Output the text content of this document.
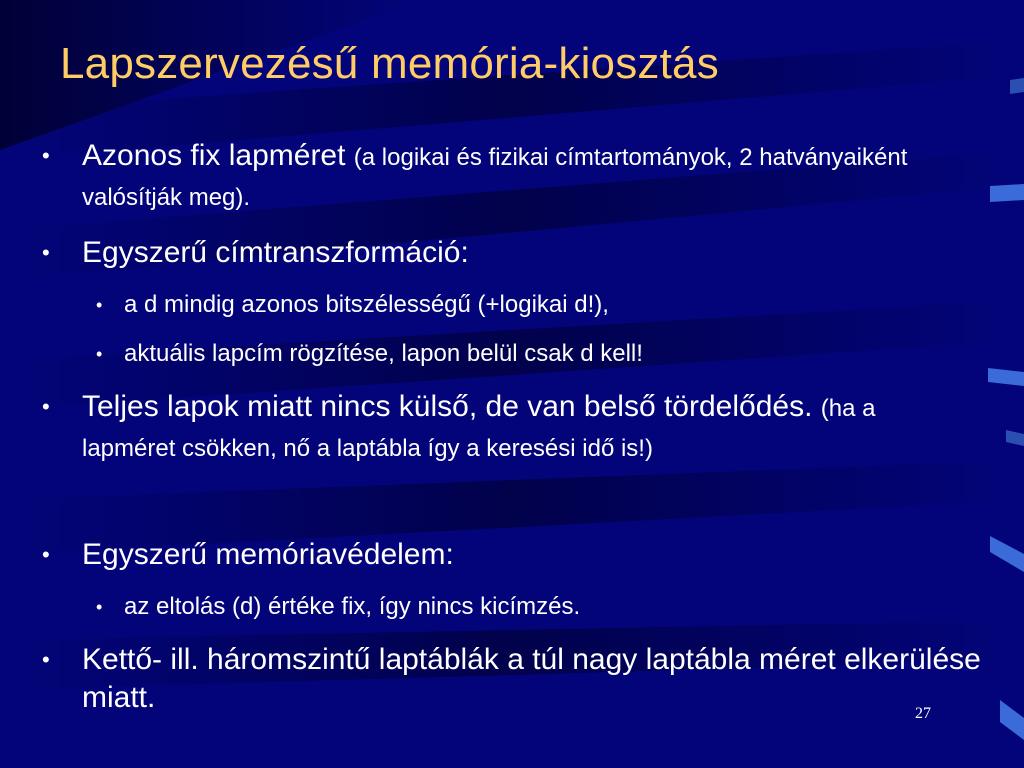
Lapszervezésű memória-kiosztás
• Azonos fix lapméret (a logikai és fizikai címtartományok, 2 hatványaiként valósítják meg).
• Egyszerű címtranszformáció:
• a d mindig azonos bitszélességű (+logikai d!),
• aktuális lapcím rögzítése, lapon belül csak d kell!
• Teljes lapok miatt nincs külső, de van belső tördelődés. (ha a lapméret csökken, nő a laptábla így a keresési idő is!)
• Egyszerű memóriavédelem:
• az eltolás (d) értéke fix, így nincs kicímzés.
• Kettő- ill. háromszintű laptáblák a túl nagy laptábla méret elkerülése miatt.	27
